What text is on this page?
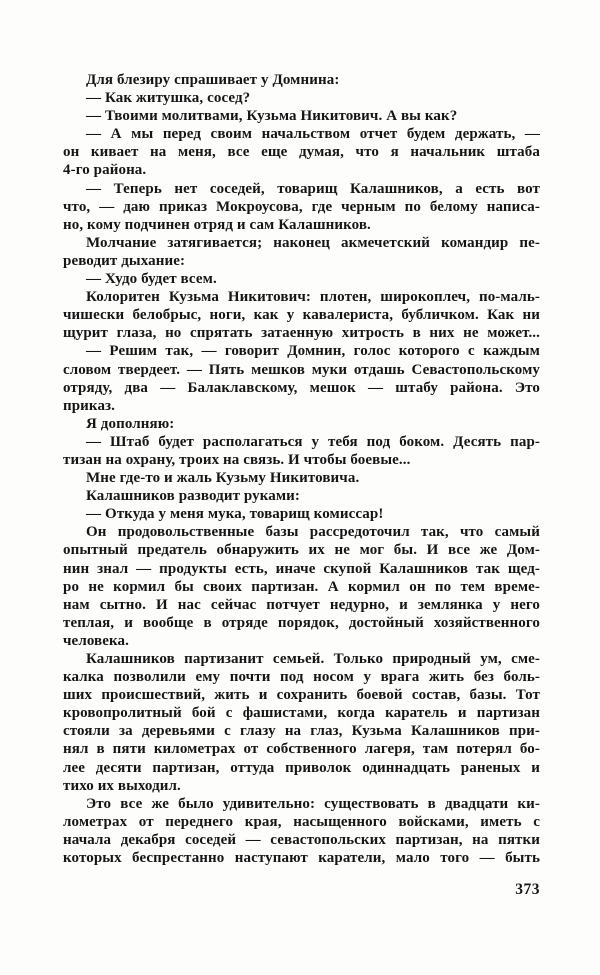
Для блезиру спрашивает у Домнина:
— Как житушка, сосед?
— Твоими молитвами, Кузьма Никитович. А вы как?
— А мы перед своим начальством отчет будем держать, —
он кивает на меня, все еще думая, что я начальник штаба
4-го района.
— Теперь нет соседей, товарищ Калашников, а есть вот
что, — даю приказ Мокроусова, где черным по белому написа-
но, кому подчинен отряд и сам Калашников.
Молчание затягивается; наконец акмечетский командир пе-
реводит дыхание:
— Худо будет всем.
Колоритен Кузьма Никитович: плотен, широкоплеч, по-маль-
чишески белобрыс, ноги, как у кавалериста, бубличком. Как ни
щурит глаза, но спрятать затаенную хитрость в них не может...
— Решим так, — говорит Домнин, голос которого с каждым
словом твердеет. — Пять мешков муки отдашь Севастопольскому
отряду, два — Балаклавскому, мешок — штабу района. Это
приказ.
Я дополняю:
— Штаб будет располагаться у тебя под боком. Десять пар-
тизан на охрану, троих на связь. И чтобы боевые...
Мне где-то и жаль Кузьму Никитовича.
Калашников разводит руками:
— Откуда у меня мука, товарищ комиссар!
Он продовольственные базы рассредоточил так, что самый
опытный предатель обнаружить их не мог бы. И все же Дом-
нин знал — продукты есть, иначе скупой Калашников так щед-
ро не кормил бы своих партизан. А кормил он по тем време-
нам сытно. И нас сейчас потчует недурно, и землянка у него
теплая, и вообще в отряде порядок, достойный хозяйственного
человека.
Калашников партизанит семьей. Только природный ум, сме-
калка позволили ему почти под носом у врага жить без боль-
ших происшествий, жить и сохранить боевой состав, базы. Тот
кровопролитный бой с фашистами, когда каратель и партизан
стояли за деревьями с глазу на глаз, Кузьма Калашников при-
нял в пяти километрах от собственного лагеря, там потерял бо-
лее десяти партизан, оттуда приволок одиннадцать раненых и
тихо их выходил.
Это все же было удивительно: существовать в двадцати ки-
лометрах от переднего края, насыщенного войсками, иметь с
начала декабря соседей — севастопольских партизан, на пятки
которых беспрестанно наступают каратели, мало того — быть
373
